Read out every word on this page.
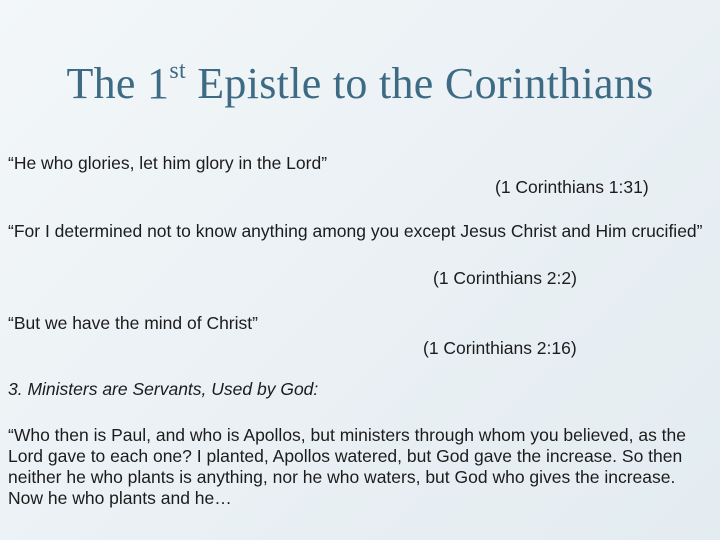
The 1st Epistle to the Corinthians
“He who glories, let him glory in the Lord”
(1 Corinthians 1:31)
“For I determined not to know anything among you except Jesus Christ and Him crucified”
(1 Corinthians 2:2)
“But we have the mind of Christ”
(1 Corinthians 2:16)
3. Ministers are Servants, Used by God:
“Who then is Paul, and who is Apollos, but ministers through whom you believed, as the Lord gave to each one? I planted, Apollos watered, but God gave the increase. So then neither he who plants is anything, nor he who waters, but God who gives the increase. Now he who plants and he…
